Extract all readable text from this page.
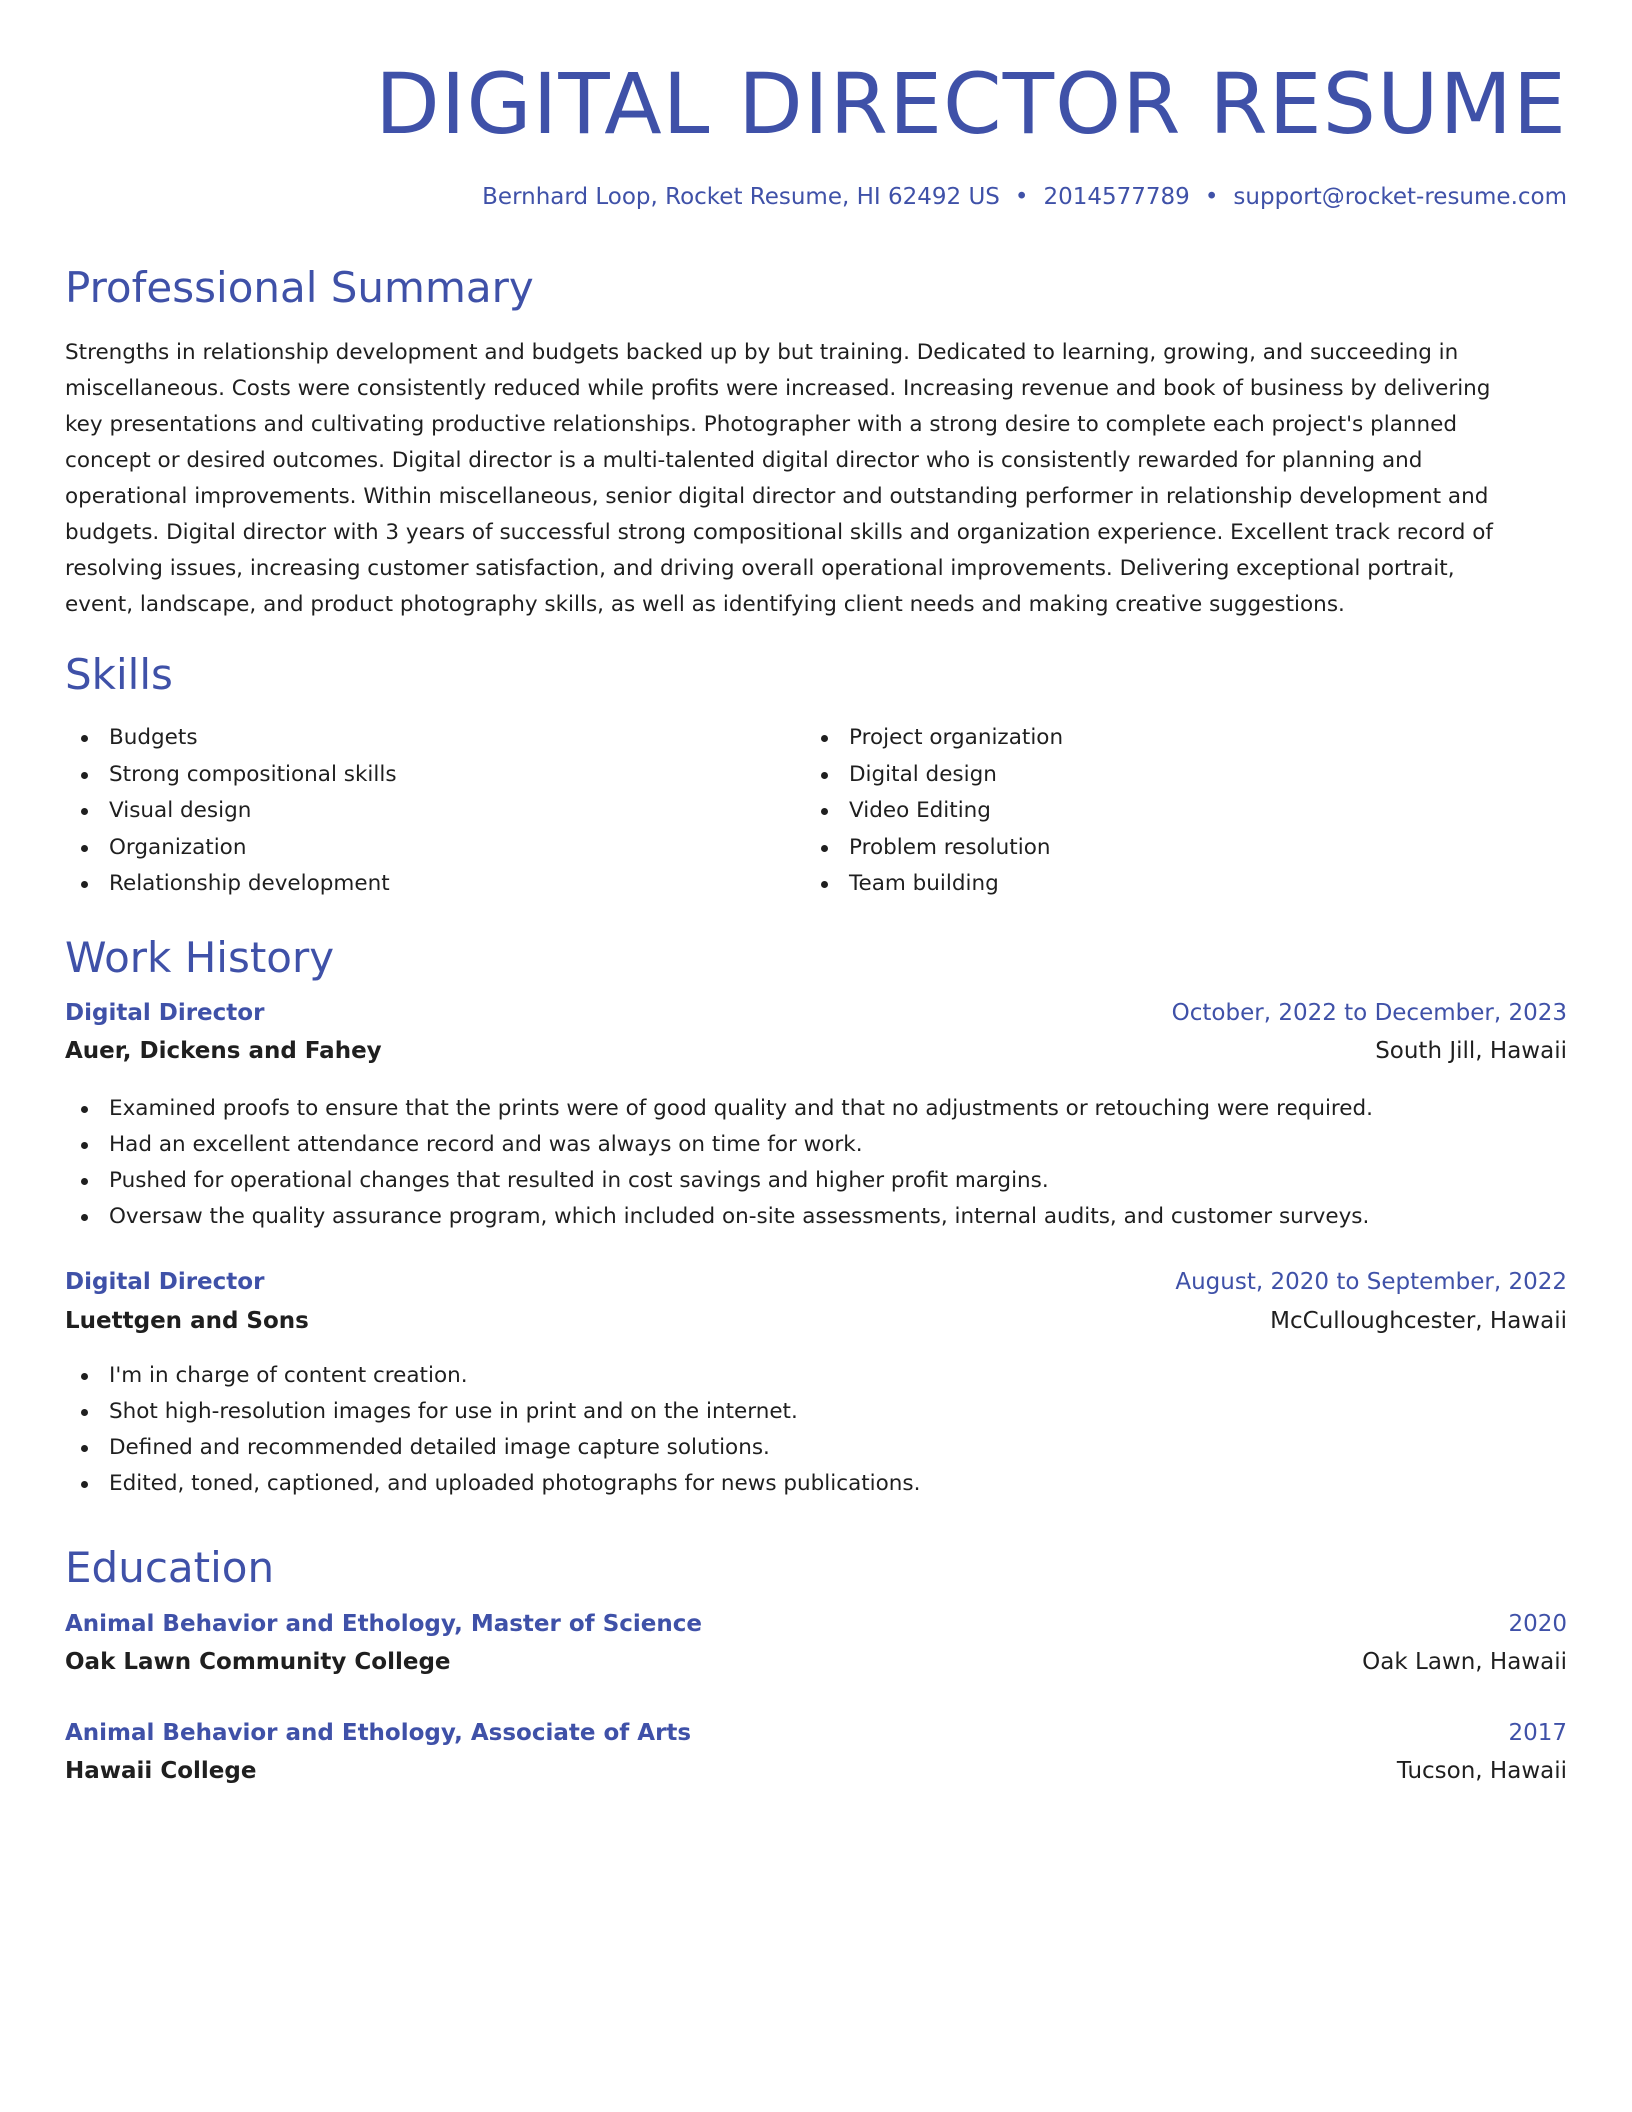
DIGITAL DIRECTOR RESUME
Bernhard Loop, Rocket Resume, HI 62492 US • 2014577789 • support@rocket-resume.com
Professional Summary

Strengths in relationship development and budgets backed up by but training. Dedicated to learning, growing, and succeeding in miscellaneous. Costs were consistently reduced while profits were increased. Increasing revenue and book of business by delivering key presentations and cultivating productive relationships. Photographer with a strong desire to complete each project's planned concept or desired outcomes. Digital director is a multi-talented digital director who is consistently rewarded for planning and operational improvements. Within miscellaneous, senior digital director and outstanding performer in relationship development and budgets. Digital director with 3 years of successful strong compositional skills and organization experience. Excellent track record of resolving issues, increasing customer satisfaction, and driving overall operational improvements. Delivering exceptional portrait, event, landscape, and product photography skills, as well as identifying client needs and making creative suggestions.

Skills
Budgets
Strong compositional skills
Visual design
Organization
Relationship development
Project organization
Digital design
Video Editing
Problem resolution
Team building
Work History
Digital Director	October, 2022 to December, 2023
Auer, Dickens and Fahey	South Jill, Hawaii
Examined proofs to ensure that the prints were of good quality and that no adjustments or retouching were required.
Had an excellent attendance record and was always on time for work.
Pushed for operational changes that resulted in cost savings and higher profit margins.
Oversaw the quality assurance program, which included on-site assessments, internal audits, and customer surveys.
Digital Director	August, 2020 to September, 2022
Luettgen and Sons	McCulloughcester, Hawaii
I'm in charge of content creation.
Shot high-resolution images for use in print and on the internet.
Defined and recommended detailed image capture solutions.
Edited, toned, captioned, and uploaded photographs for news publications.
Education
Animal Behavior and Ethology, Master of Science	2020
Oak Lawn Community College	Oak Lawn, Hawaii
Animal Behavior and Ethology, Associate of Arts	2017
Hawaii College	Tucson, Hawaii
